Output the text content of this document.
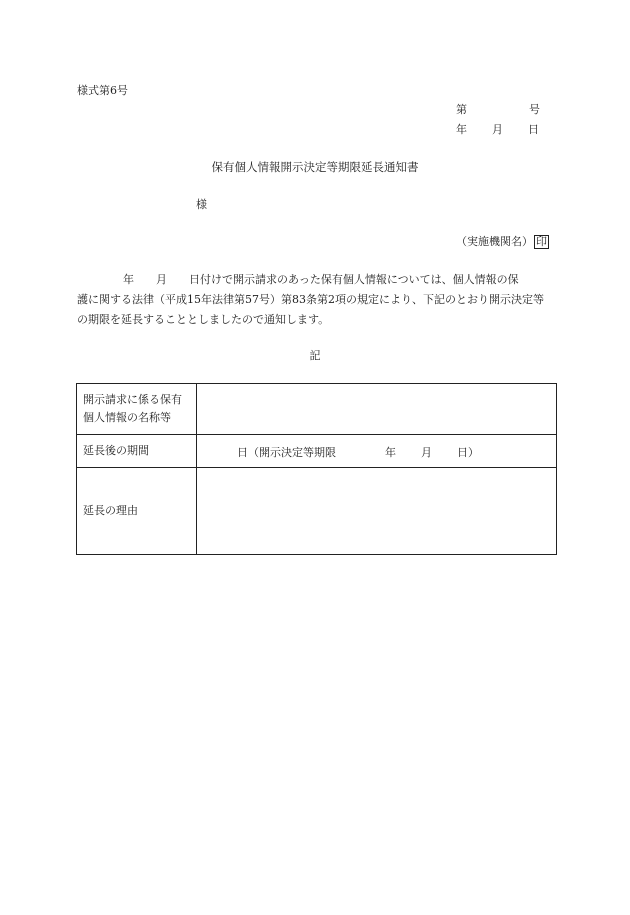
様式第6号
第	号
年 月 日
保有個人情報開示決定等期限延長通知書
様
（実施機関名） 印
年　　月　　日付けで開示請求のあった保有個人情報については、個人情報の保
護に関する法律（平成15年法律第57号）第83条第2項の規定により、下記のとおり開示決定等
の期限を延長することとしましたので通知します。
記
開示請求に係る保有
個人情報の名称等	

延長後の期間	日（開示決定等期限 年 月 日）

延長の理由	
